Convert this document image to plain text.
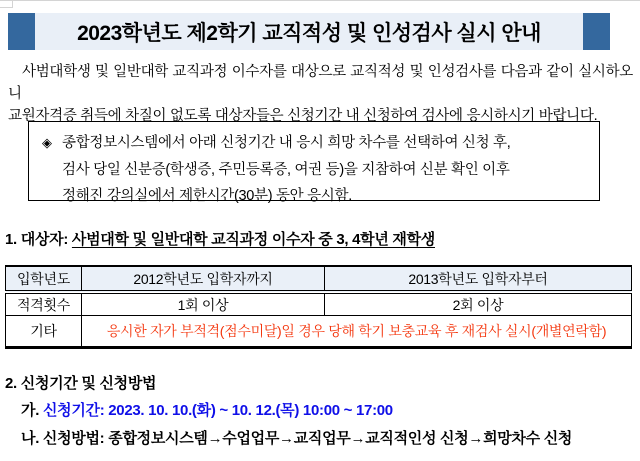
2023학년도 제2학기 교직적성 및 인성검사 실시 안내
사범대학생 및 일반대학 교직과정 이수자를 대상으로 교직적성 및 인성검사를 다음과 같이 실시하오니
교원자격증 취득에 차질이 없도록 대상자들은 신청기간 내 신청하여 검사에 응시하시기 바랍니다.
◈ 종합정보시스템에서 아래 신청기간 내 응시 희망 차수를 선택하여 신청 후,
검사 당일 신분증(학생증, 주민등록증, 여권 등)을 지참하여 신분 확인 이후
정해진 강의실에서 제한시간(30분) 동안 응시함.
1. 대상자: 사범대학 및 일반대학 교직과정 이수자 중 3, 4학년 재학생
입학년도	2012학년도 입학자까지	2013학년도 입학자부터
적격횟수	1회 이상	2회 이상
기타	응시한 자가 부적격(점수미달)일 경우 당해 학기 보충교육 후 재검사 실시(개별연락함)	
2. 신청기간 및 신청방법
가. 신청기간: 2023. 10. 10.(화) ~ 10. 12.(목) 10:00 ~ 17:00
나. 신청방법: 종합정보시스템→수업업무→교직업무→교직적인성 신청→희망차수 신청
